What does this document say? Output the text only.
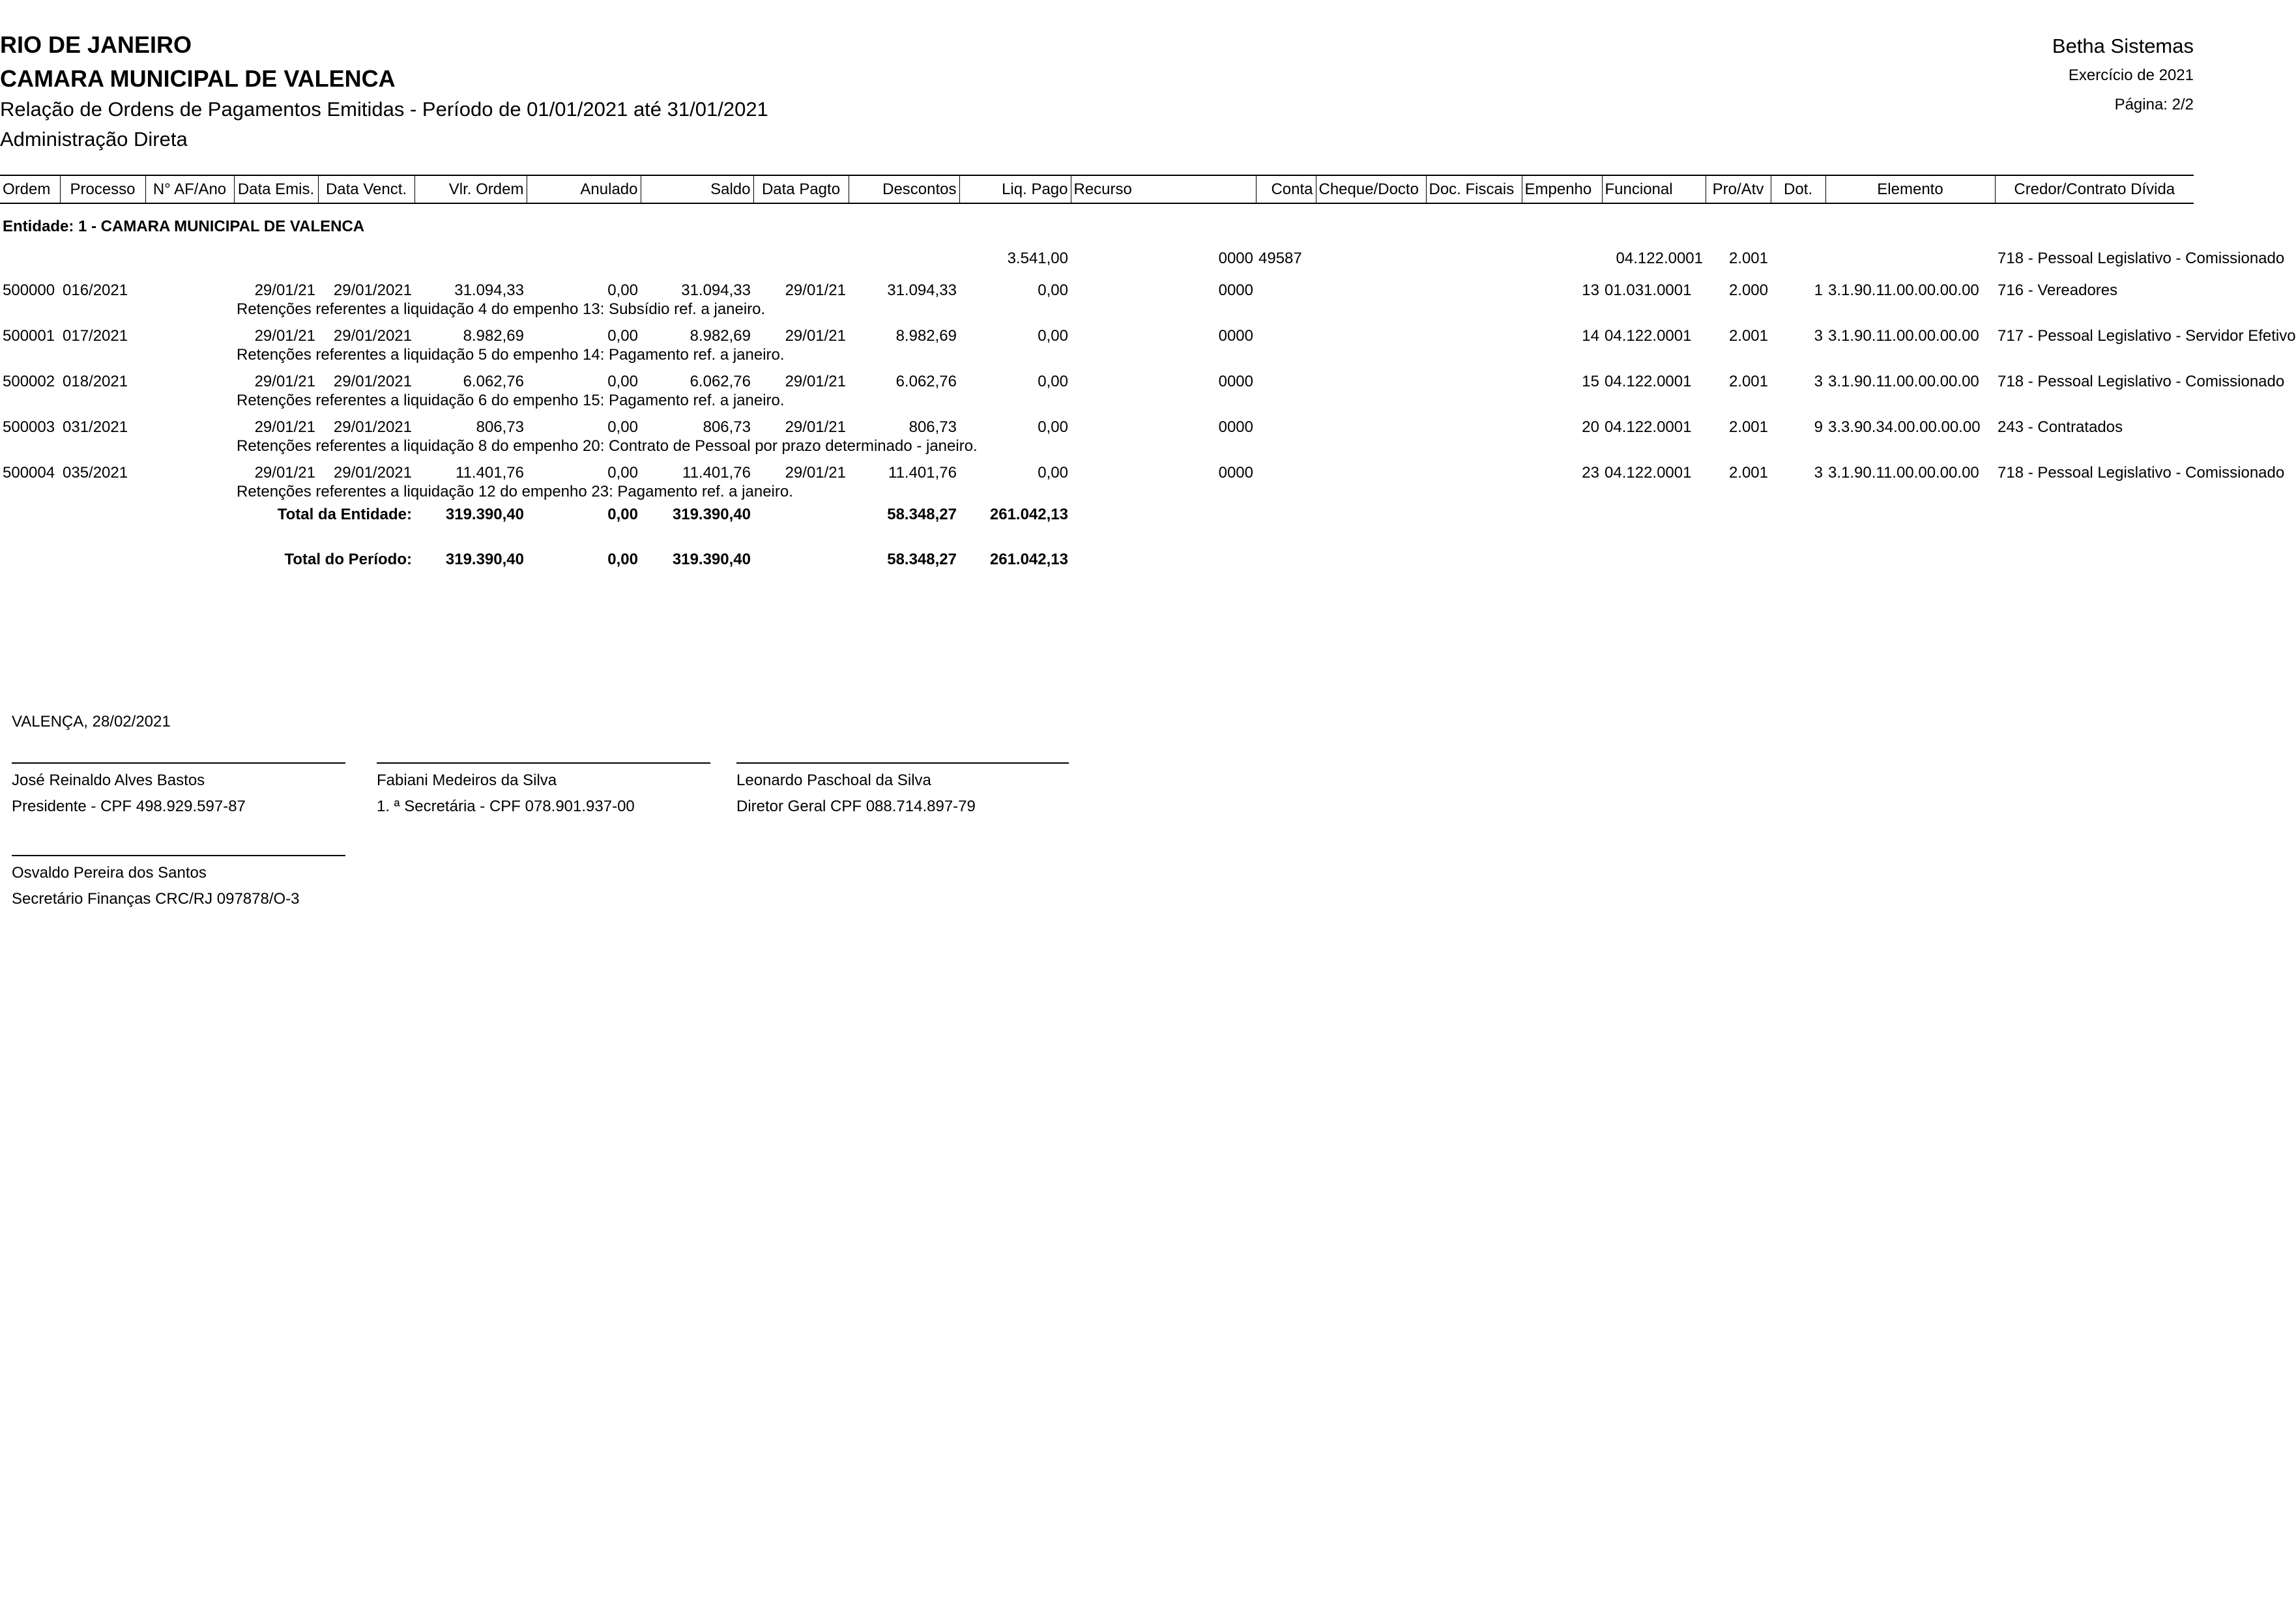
RIO DE JANEIRO
CAMARA MUNICIPAL DE VALENCA
Relação de Ordens de Pagamentos Emitidas - Período de 01/01/2021 até 31/01/2021
Administração Direta
Betha Sistemas
Exercício de 2021
Página: 2/2
Ordem	Processo	N° AF/Ano	Data Emis.	Data Venct.	Vlr. Ordem	Anulado	Saldo	Data Pagto	Descontos	Liq. Pago	Recurso	Conta	Cheque/Docto	Doc. Fiscais	Empenho	Funcional	Pro/Atv	Dot.	Elemento	Credor/Contrato Dívida
Entidade: 1 - CAMARA MUNICIPAL DE VALENCA																				
										3.541,00	0000	49587				04.122.0001	2.001			718 - Pessoal Legislativo - Comissionado
500000	016/2021		29/01/21	29/01/2021	31.094,33	0,00	31.094,33	29/01/21	31.094,33	0,00	0000				13	01.031.0001	2.000	1	3.1.90.11.00.00.00.00	716 - Vereadores
			Retenções referentes a liquidação 4 do empenho 13: Subsídio ref. a janeiro.																	
500001	017/2021		29/01/21	29/01/2021	8.982,69	0,00	8.982,69	29/01/21	8.982,69	0,00	0000				14	04.122.0001	2.001	3	3.1.90.11.00.00.00.00	717 - Pessoal Legislativo - Servidor Efetivo
			Retenções referentes a liquidação 5 do empenho 14: Pagamento ref. a janeiro.																	
500002	018/2021		29/01/21	29/01/2021	6.062,76	0,00	6.062,76	29/01/21	6.062,76	0,00	0000				15	04.122.0001	2.001	3	3.1.90.11.00.00.00.00	718 - Pessoal Legislativo - Comissionado
			Retenções referentes a liquidação 6 do empenho 15: Pagamento ref. a janeiro.																	
500003	031/2021		29/01/21	29/01/2021	806,73	0,00	806,73	29/01/21	806,73	0,00	0000				20	04.122.0001	2.001	9	3.3.90.34.00.00.00.00	243 - Contratados
			Retenções referentes a liquidação 8 do empenho 20: Contrato de Pessoal por prazo determinado - janeiro.																	
500004	035/2021		29/01/21	29/01/2021	11.401,76	0,00	11.401,76	29/01/21	11.401,76	0,00	0000				23	04.122.0001	2.001	3	3.1.90.11.00.00.00.00	718 - Pessoal Legislativo - Comissionado
			Retenções referentes a liquidação 12 do empenho 23: Pagamento ref. a janeiro.																	
		Total da Entidade:			319.390,40	0,00	319.390,40		58.348,27	261.042,13										
		Total do Período:			319.390,40	0,00	319.390,40		58.348,27	261.042,13										
VALENÇA, 28/02/2021
José Reinaldo Alves Bastos
Presidente - CPF 498.929.597-87
Fabiani Medeiros da Silva
1. ª Secretária - CPF 078.901.937-00
Leonardo Paschoal da Silva
Diretor Geral CPF 088.714.897-79
Osvaldo Pereira dos Santos
Secretário Finanças CRC/RJ 097878/O-3
